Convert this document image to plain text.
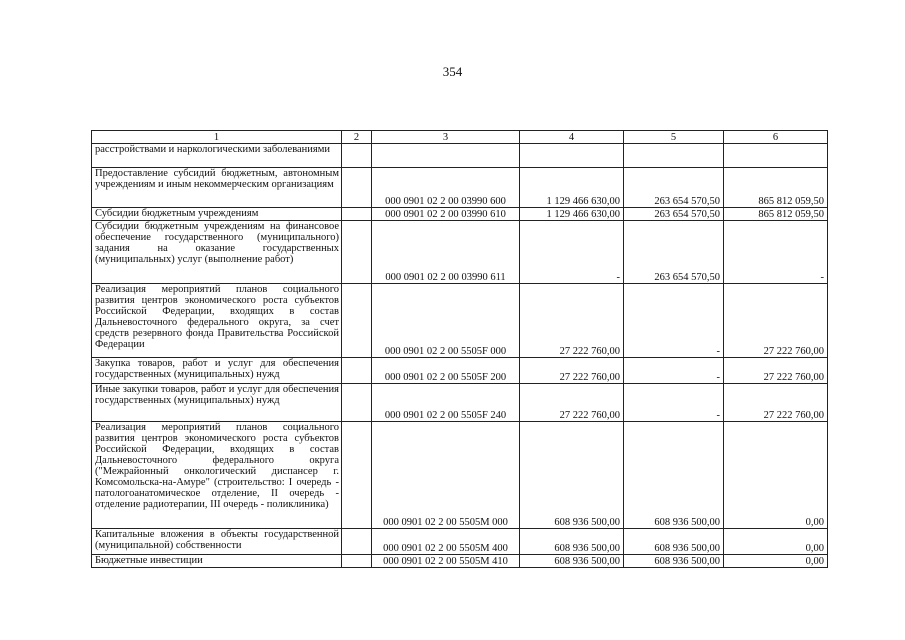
354
1	2	3	4	5	6
расстройствами и наркологическими заболеваниями					
Предоставление субсидий бюджетным, автономным учреждениям и иным некоммерческим организациям		000 0901 02 2 00 03990 600	1 129 466 630,00	263 654 570,50	865 812 059,50
Субсидии бюджетным учреждениям		000 0901 02 2 00 03990 610	1 129 466 630,00	263 654 570,50	865 812 059,50
Субсидии бюджетным учреждениям на финансовое обеспечение государственного (муниципального) задания на оказание государственных (муниципальных) услуг (выполнение работ)		000 0901 02 2 00 03990 611	-	263 654 570,50	-
Реализация мероприятий планов социального развития центров экономического роста субъектов Российской Федерации, входящих в состав Дальневосточного федерального округа, за счет средств резервного фонда Правительства Российской Федерации		000 0901 02 2 00 5505F 000	27 222 760,00	-	27 222 760,00
Закупка товаров, работ и услуг для обеспечения государственных (муниципальных) нужд		000 0901 02 2 00 5505F 200	27 222 760,00	-	27 222 760,00
Иные закупки товаров, работ и услуг для обеспечения государственных (муниципальных) нужд		000 0901 02 2 00 5505F 240	27 222 760,00	-	27 222 760,00
Реализация мероприятий планов социального развития центров экономического роста субъектов Российской Федерации, входящих в состав Дальневосточного федерального округа ("Межрайонный онкологический диспансер г. Комсомольска-на-Амуре" (строительство: I очередь - патологоанатомическое отделение, II очередь - отделение радиотерапии, III очередь - поликлиника)		000 0901 02 2 00 5505M 000	608 936 500,00	608 936 500,00	0,00
Капитальные вложения в объекты государственной (муниципальной) собственности		000 0901 02 2 00 5505M 400	608 936 500,00	608 936 500,00	0,00
Бюджетные инвестиции		000 0901 02 2 00 5505M 410	608 936 500,00	608 936 500,00	0,00
